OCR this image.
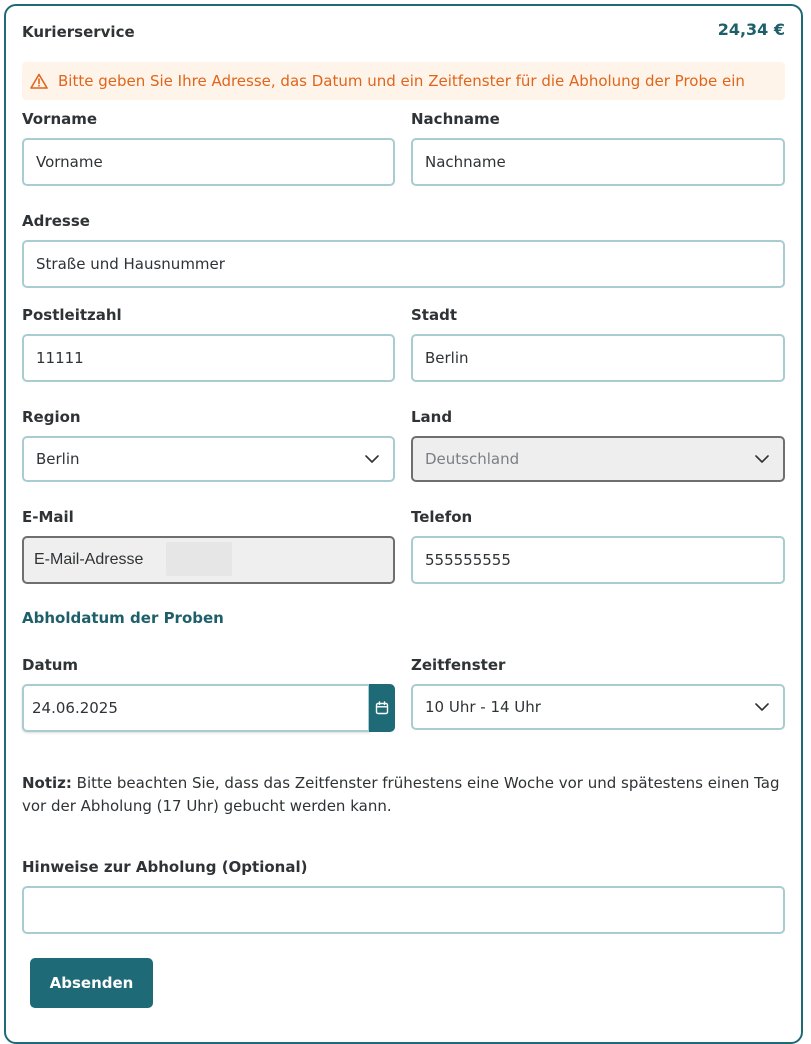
Kurierservice	24,34 €
Bitte geben Sie Ihre Adresse, das Datum und ein Zeitfenster für die Abholung der Probe ein
Vorname	Nachname
Vorname	Nachname
Adresse
Straße und Hausnummer
Postleitzahl	Stadt
11111	Berlin
Region	Land
Berlin	Deutschland
E-Mail	Telefon
E-Mail-Adresse	555555555
Abholdatum der Proben
Datum	Zeitfenster
24.06.2025	10 Uhr - 14 Uhr
Notiz: Bitte beachten Sie, dass das Zeitfenster frühestens eine Woche vor und spätestens einen Tag vor der Abholung (17 Uhr) gebucht werden kann.
Hinweise zur Abholung (Optional)
Absenden
